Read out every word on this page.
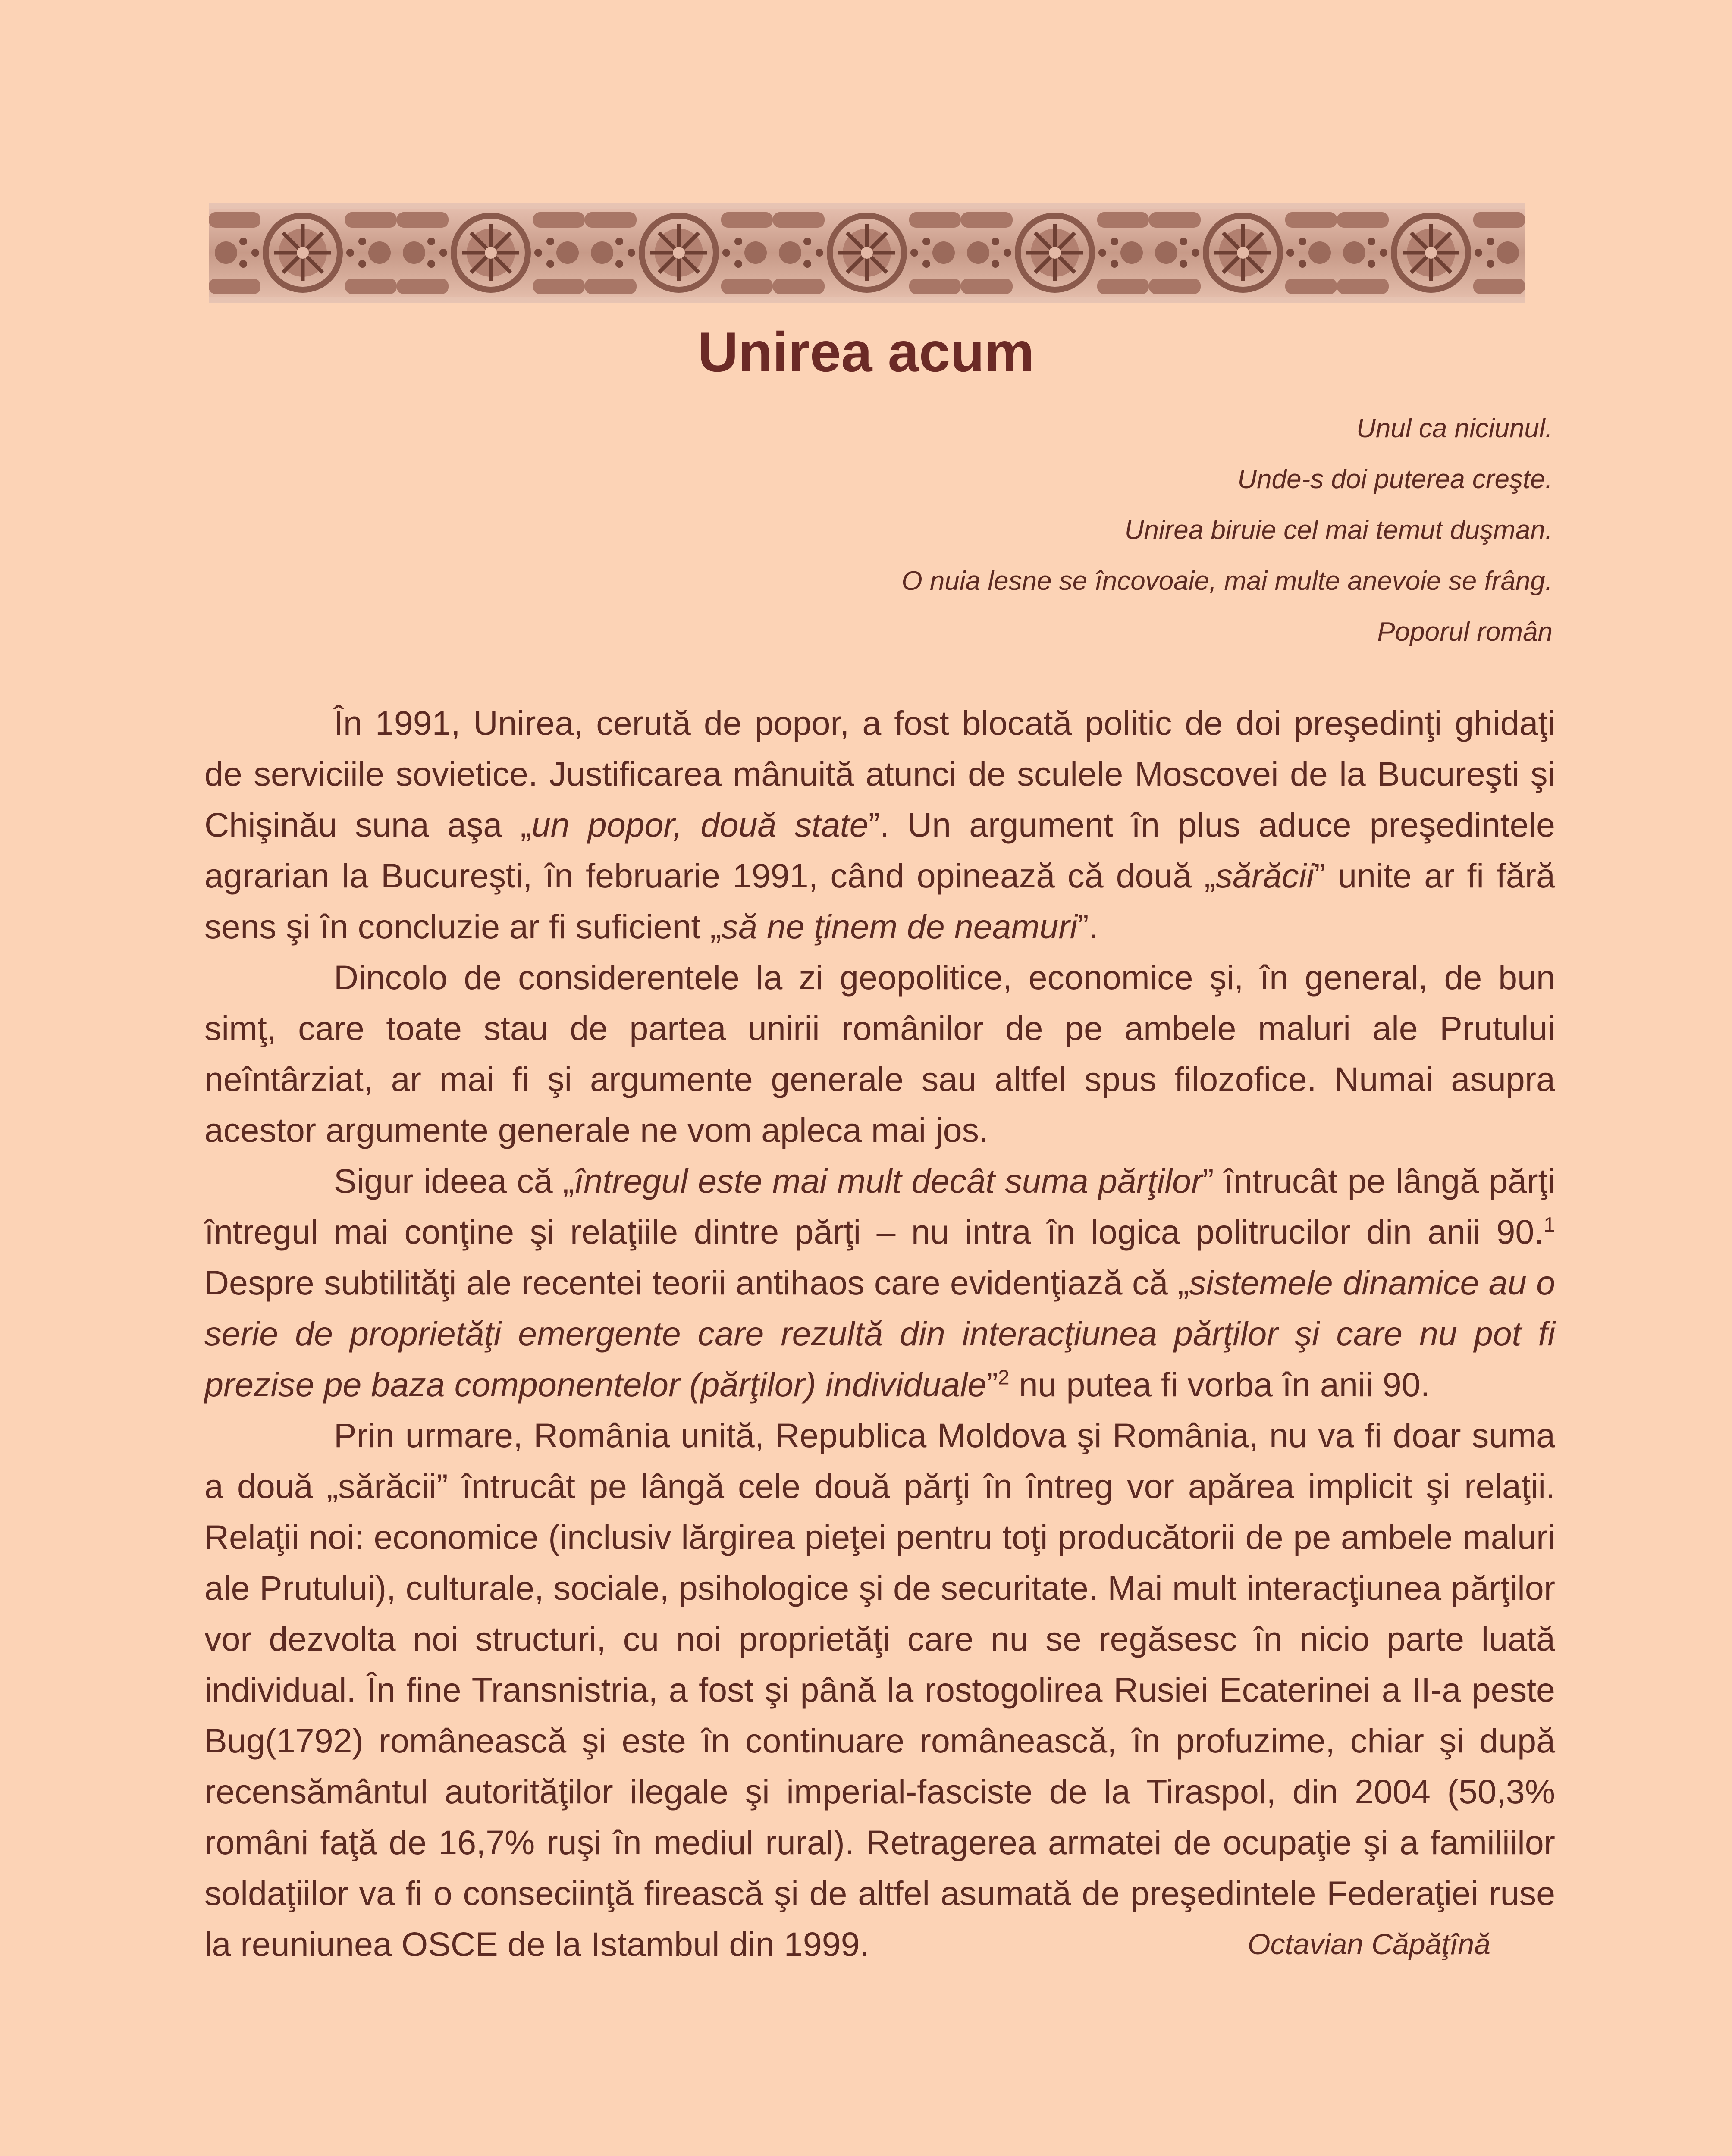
Unirea acum
Unul ca niciunul.
Unde-s doi puterea creşte.
Unirea biruie cel mai temut duşman.
O nuia lesne se încovoaie, mai multe anevoie se frâng.
Poporul român

În 1991, Unirea, cerută de popor, a fost blocată politic de doi preşedinţi ghidaţi de serviciile sovietice. Justificarea mânuită atunci de sculele Moscovei de la Bucureşti şi Chişinău suna aşa „un popor, două state”. Un argument în plus aduce preşedintele agrarian la Bucureşti, în februarie 1991, când opinează că două „sărăcii” unite ar fi fără sens şi în concluzie ar fi suficient „să ne ţinem de neamuri”.

Dincolo de considerentele la zi geopolitice, economice şi, în general, de bun simţ, care toate stau de partea unirii românilor de pe ambele maluri ale Prutului neîntârziat, ar mai fi şi argumente generale sau altfel spus filozofice. Numai asupra acestor argumente generale ne vom apleca mai jos.

Sigur ideea că „întregul este mai mult decât suma părţilor” întrucât pe lângă părţi întregul mai conţine şi relaţiile dintre părţi – nu intra în logica politrucilor din anii 90.$^1$ Despre subtilităţi ale recentei teorii antihaos care evidenţiază că „sistemele dinamice au o serie de proprietăţi emergente care rezultă din interacţiunea părţilor şi care nu pot fi prezise pe baza componentelor (părţilor) individuale”$^2$ nu putea fi vorba în anii 90.

Prin urmare, România unită, Republica Moldova şi România, nu va fi doar suma a două „sărăcii” întrucât pe lângă cele două părţi în întreg vor apărea implicit şi relaţii. Relaţii noi: economice (inclusiv lărgirea pieţei pentru toţi producătorii de pe ambele maluri ale Prutului), culturale, sociale, psihologice şi de securitate. Mai mult interacţiunea părţilor vor dezvolta noi structuri, cu noi proprietăţi care nu se regăsesc în nicio parte luată individual. În fine Transnistria, a fost şi până la rostogolirea Rusiei Ecaterinei a II-a peste Bug(1792) românească şi este în continuare românească, în profuzime, chiar şi după recensământul autorităţilor ilegale şi imperial-fasciste de la Tiraspol, din 2004 (50,3% români faţă de 16,7% ruşi în mediul rural). Retragerea armatei de ocupaţie şi a familiilor soldaţiilor va fi o conseciinţă firească şi de altfel asumată de preşedintele Federaţiei ruse la reuniunea OSCE de la Istambul din 1999.	Octavian Căpăţînă
